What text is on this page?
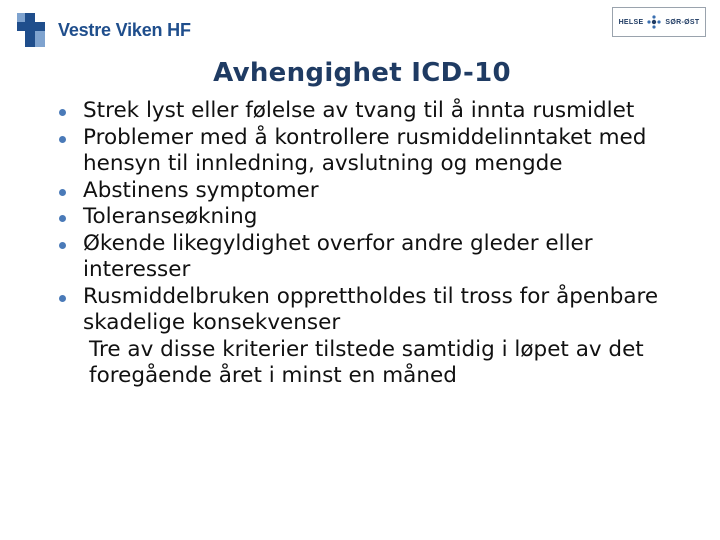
Vestre Viken HF	HELSE	SØR-ØST
Avhengighet ICD-10
Strek lyst eller følelse av tvang til å innta rusmidlet
Problemer med å kontrollere rusmiddelinntaket med hensyn til innledning, avslutning og mengde
Abstinens symptomer
Toleranseøkning
Økende likegyldighet overfor andre gleder eller interesser
Rusmiddelbruken opprettholdes til tross for åpenbare skadelige konsekvenser
Tre av disse kriterier tilstede samtidig i løpet av det foregående året i minst en måned
